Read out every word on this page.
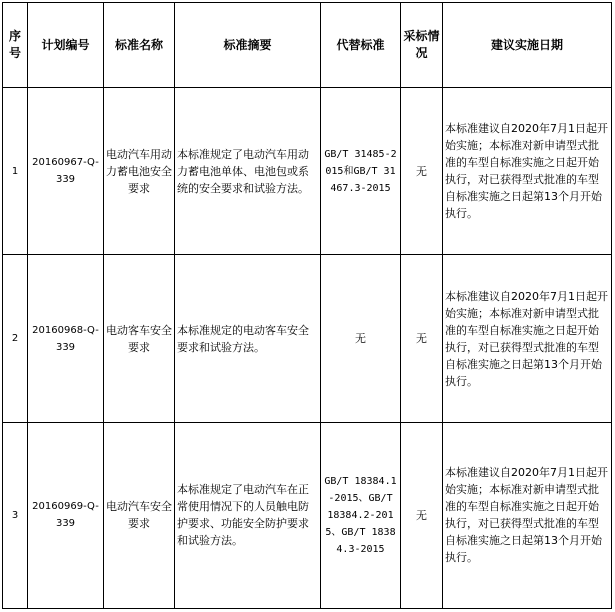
序号	计划编号	标准名称	标准摘要	代替标准	采标情况	建议实施日期
1	20160967-Q-339	电动汽车用动力蓄电池安全要求	本标准规定了电动汽车用动力蓄电池单体、电池包或系统的安全要求和试验方法。	GB/T 31485-2015和GB/T 31467.3-2015	无	本标准建议自2020年7月1日起开始实施；本标准对新申请型式批准的车型自标准实施之日起开始执行，对已获得型式批准的车型自标准实施之日起第13个月开始执行。
2	20160968-Q-339	电动客车安全要求	本标准规定的电动客车安全要求和试验方法。	无	无	本标准建议自2020年7月1日起开始实施；本标准对新申请型式批准的车型自标准实施之日起开始执行，对已获得型式批准的车型自标准实施之日起第13个月开始执行。
3	20160969-Q-339	电动汽车安全要求	本标准规定了电动汽车在正常使用情况下的人员触电防护要求、功能安全防护要求和试验方法。	GB/T 18384.1-2015、GB/T 18384.2-2015、GB/T 18384.3-2015	无	本标准建议自2020年7月1日起开始实施；本标准对新申请型式批准的车型自标准实施之日起开始执行，对已获得型式批准的车型自标准实施之日起第13个月开始执行。
